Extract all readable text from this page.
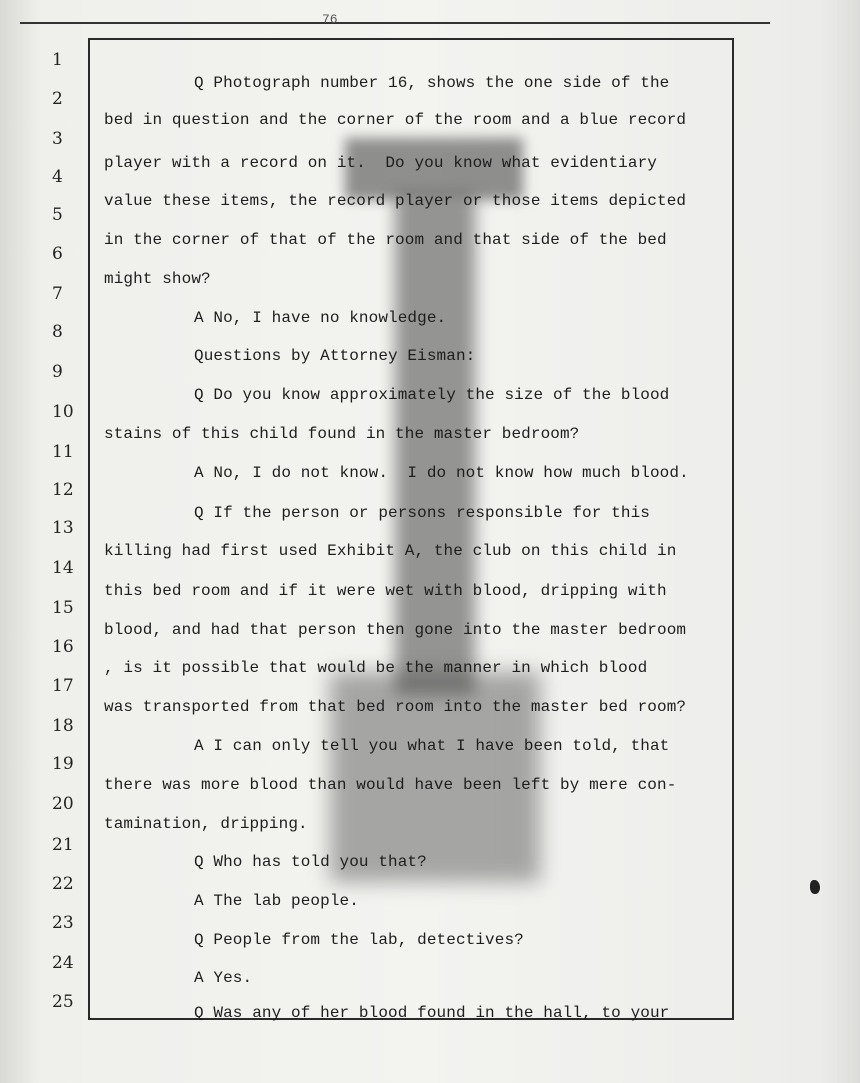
76
1
2
3
4
5
6
7
8
9
10
11
12
13
14
15
16
17
18
19
20
21
22
23
24
25
Q Photograph number 16, shows the one side of the
bed in question and the corner of the room and a blue record
player with a record on it.  Do you know what evidentiary
value these items, the record player or those items depicted
in the corner of that of the room and that side of the bed
might show?
A No, I have no knowledge.
Questions by Attorney Eisman:
Q Do you know approximately the size of the blood
stains of this child found in the master bedroom?
A No, I do not know.  I do not know how much blood.
Q If the person or persons responsible for this
killing had first used Exhibit A, the club on this child in
this bed room and if it were wet with blood, dripping with
blood, and had that person then gone into the master bedroom
, is it possible that would be the manner in which blood
was transported from that bed room into the master bed room?
A I can only tell you what I have been told, that
there was more blood than would have been left by mere con-
tamination, dripping.
Q Who has told you that?
A The lab people.
Q People from the lab, detectives?
A Yes.
Q Was any of her blood found in the hall, to your
